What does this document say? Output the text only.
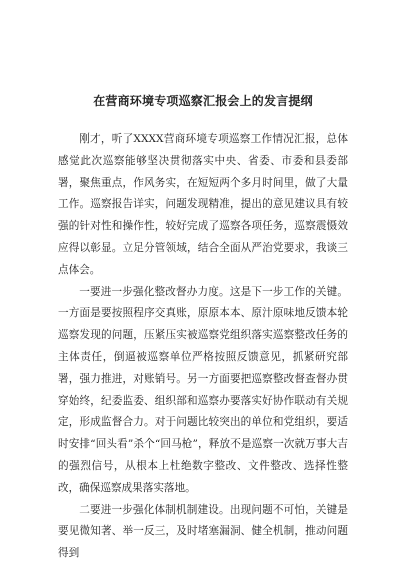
在营商环境专项巡察汇报会上的发言提纲

刚才，听了XXXX营商环境专项巡察工作情况汇报，总体感觉此次巡察能够坚决贯彻落实中央、省委、市委和县委部署，聚焦重点，作风务实，在短短两个多月时间里，做了大量工作。巡察报告详实，问题发现精准，提出的意见建议具有较强的针对性和操作性，较好完成了巡察各项任务，巡察震慑效应得以彰显。立足分管领域，结合全面从严治党要求，我谈三点体会。

一要进一步强化整改督办力度。这是下一步工作的关键。一方面是要按照程序交真账，原原本本、原汁原味地反馈本轮巡察发现的问题，压紧压实被巡察党组织落实巡察整改任务的主体责任，倒逼被巡察单位严格按照反馈意见，抓紧研究部署，强力推进，对账销号。另一方面要把巡察整改督查督办贯穿始终，纪委监委、组织部和巡察办要落实好协作联动有关规定，形成监督合力。对于问题比较突出的单位和党组织，要适时安排“回头看”杀个“回马枪”，释放不是巡察一次就万事大吉的强烈信号，从根本上杜绝数字整改、文件整改、选择性整改，确保巡察成果落实落地。

二要进一步强化体制机制建设。出现问题不可怕，关键是要见微知著、举一反三，及时堵塞漏洞、健全机制，推动问题得到
